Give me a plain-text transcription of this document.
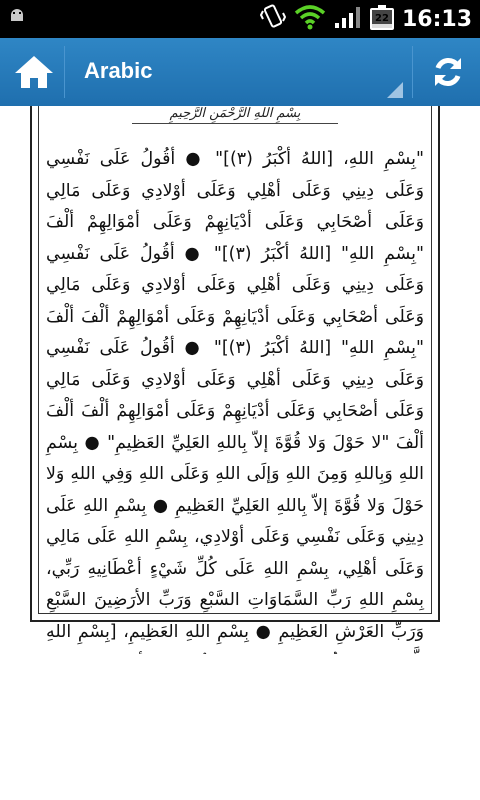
22 16:13
Arabic
بِسْمِ اللهِ الرَّحْمَنِ الرَّحِيمِ
"بِسْمِ اللهِ، [اللهُ أكْبَرُ (٣)]" ● أقُولُ عَلَى نَفْسِي وَعَلَى دِينِي وَعَلَى أهْلِي وَعَلَى أوْلادِي وَعَلَى مَالِي وَعَلَى أصْحَابِي وَعَلَى أدْيَانِهِمْ وَعَلَى أمْوَالِهِمْ ألْفَ "بِسْمِ اللهِ" [اللهُ أكْبَرُ (٣)]" ● أقُولُ عَلَى نَفْسِي وَعَلَى دِينِي وَعَلَى أهْلِي وَعَلَى أوْلادِي وَعَلَى مَالِي وَعَلَى أصْحَابِي وَعَلَى أدْيَانِهِمْ وَعَلَى أمْوَالِهِمْ ألْفَ ألْفَ "بِسْمِ اللهِ" [اللهُ أكْبَرُ (٣)]" ● أقُولُ عَلَى نَفْسِي وَعَلَى دِينِي وَعَلَى أهْلِي وَعَلَى أوْلادِي وَعَلَى مَالِي وَعَلَى أصْحَابِي وَعَلَى أدْيَانِهِمْ وَعَلَى أمْوَالِهِمْ ألْفَ ألْفَ ألْفَ "لا حَوْلَ وَلا قُوَّةَ إلاّ بِاللهِ العَلِيِّ العَظِيمِ" ● بِسْمِ اللهِ وَبِاللهِ وَمِنَ اللهِ وَإلَى اللهِ وَعَلَى اللهِ وَفِي اللهِ وَلا حَوْلَ وَلا قُوَّةَ إلاّ بِاللهِ العَلِيِّ العَظِيمِ ● بِسْمِ اللهِ عَلَى دِينِي وَعَلَى نَفْسِي وَعَلَى أوْلادِي، بِسْمِ اللهِ عَلَى مَالِي وَعَلَى أهْلِي، بِسْمِ اللهِ عَلَى كُلِّ شَيْءٍ أعْطَانِيهِ رَبِّي، بِسْمِ اللهِ رَبِّ السَّمَاوَاتِ السَّبْعِ وَرَبِّ الأرَضِينَ السَّبْعِ وَرَبِّ العَرْشِ العَظِيمِ ● بِسْمِ اللهِ العَظِيمِ، [بِسْمِ اللهِ
